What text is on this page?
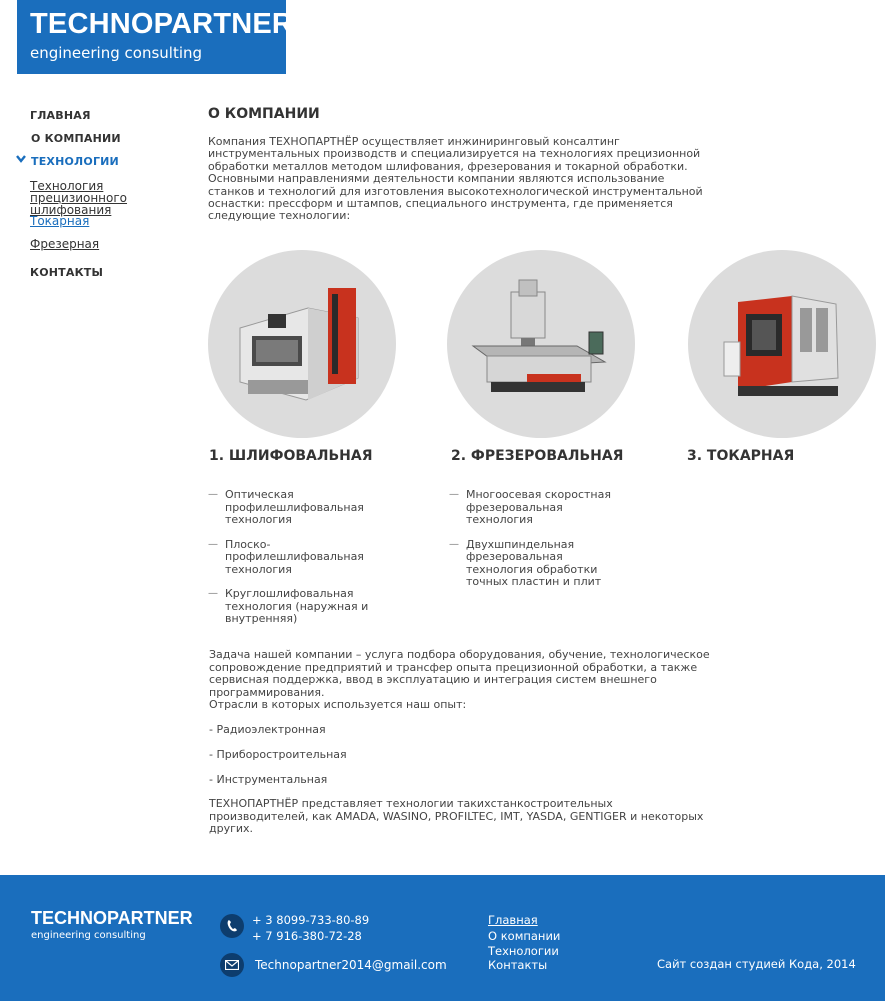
TECHNOPARTNER
engineering consulting
ГЛАВНАЯ
О КОМПАНИИ
ТЕХНОЛОГИИ
Технология прецизионного шлифования
Токарная
Фрезерная
КОНТАКТЫ
О КОМПАНИИ

Компания ТЕХНОПАРТНЁР осуществляет инжиниринговый консалтинг инструментальных производств и специализируется на технологиях прецизионной обработки металлов методом шлифования, фрезерования и токарной обработки. Основными направлениями деятельности компании являются использование станков и технологий для изготовления высокотехнологической инструментальной оснастки: прессформ и штампов, специального инструмента, где применяется следующие технологии:

1. ШЛИФОВАЛЬНАЯ	2. ФРЕЗЕРОВАЛЬНАЯ	3. ТОКАРНАЯ
— Оптическая профилешлифовальная технология
— Плоско-профилешлифовальная технология
— Круглошлифовальная технология (наружная и внутренняя)
— Многоосевая скоростная фрезеровальная технология
— Двухшпиндельная фрезеровальная технология обработки точных пластин и плит

Задача нашей компании – услуга подбора оборудования, обучение, технологическое сопровождение предприятий и трансфер опыта прецизионной обработки, а также сервисная поддержка, ввод в эксплуатацию и интеграция систем внешнего программирования.

Отрасли в которых используется наш опыт:

- Радиоэлектронная

- Приборостроительная

- Инструментальная

ТЕХНОПАРТНЁР представляет технологии такихстанкостроительных производителей, как AMADA, WASINO, PROFILTEC, IMT, YASDA, GENTIGER и некоторых других.

TECHNOPARTNER
engineering consulting
+ 3 8099-733-80-89
+ 7 916-380-72-28
Technopartner2014@gmail.com
Главная
О компании
Технологии
Контакты	Сайт создан студией Кода, 2014
